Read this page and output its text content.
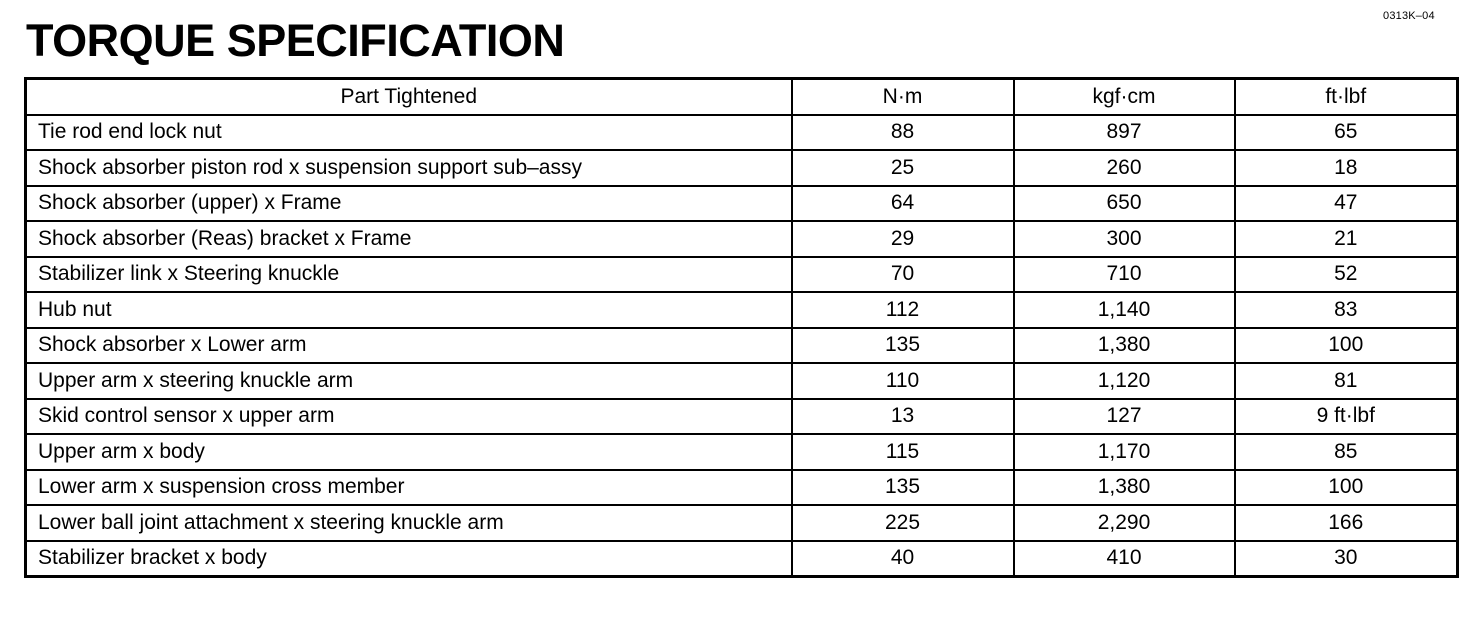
0313K–04
TORQUE SPECIFICATION
Part Tightened	N·m	kgf·cm	ft·lbf
Tie rod end lock nut	88	897	65
Shock absorber piston rod x suspension support sub–assy	25	260	18
Shock absorber (upper) x Frame	64	650	47
Shock absorber (Reas) bracket x Frame	29	300	21
Stabilizer link x Steering knuckle	70	710	52
Hub nut	112	1,140	83
Shock absorber x Lower arm	135	1,380	100
Upper arm x steering knuckle arm	110	1,120	81
Skid control sensor x upper arm	13	127	9 ft·lbf
Upper arm x body	115	1,170	85
Lower arm x suspension cross member	135	1,380	100
Lower ball joint attachment x steering knuckle arm	225	2,290	166
Stabilizer bracket x body	40	410	30
